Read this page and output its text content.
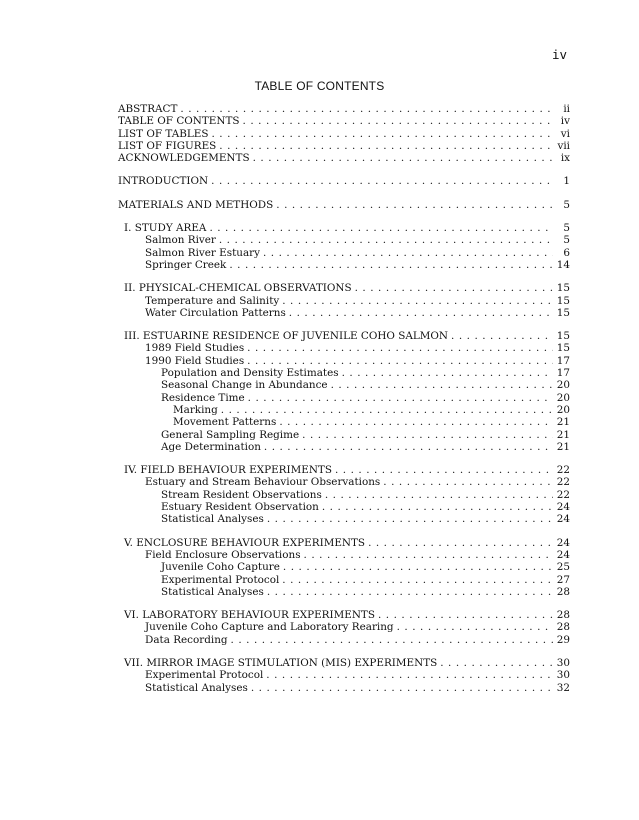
iv
TABLE OF CONTENTS
ABSTRACT . . .	ii
TABLE OF CONTENTS . . .	iv
LIST OF TABLES . . .	vi
LIST OF FIGURES . . .	vii
ACKNOWLEDGEMENTS . . .	ix
INTRODUCTION . . .	1
MATERIALS AND METHODS . . .	5
I. STUDY AREA . . .	5
Salmon River . . .	5
Salmon River Estuary . . .	6
Springer Creek . . .	14
II. PHYSICAL-CHEMICAL OBSERVATIONS . . .	15
Temperature and Salinity . . .	15
Water Circulation Patterns . . .	15
III. ESTUARINE RESIDENCE OF JUVENILE COHO SALMON . . .	15
1989 Field Studies . . .	15
1990 Field Studies . . .	17
Population and Density Estimates . . .	17
Seasonal Change in Abundance . . .	20
Residence Time . . .	20
Marking . . .	20
Movement Patterns . . .	21
General Sampling Regime . . .	21
Age Determination . . .	21
IV. FIELD BEHAVIOUR EXPERIMENTS . . .	22
Estuary and Stream Behaviour Observations . . .	22
Stream Resident Observations . . .	22
Estuary Resident Observation . . .	24
Statistical Analyses . . .	24
V. ENCLOSURE BEHAVIOUR EXPERIMENTS . . .	24
Field Enclosure Observations . . .	24
Juvenile Coho Capture . . .	25
Experimental Protocol . . .	27
Statistical Analyses . . .	28
VI. LABORATORY BEHAVIOUR EXPERIMENTS . . .	28
Juvenile Coho Capture and Laboratory Rearing . . .	28
Data Recording . . .	29
VII. MIRROR IMAGE STIMULATION (MIS) EXPERIMENTS . . .	30
Experimental Protocol . . .	30
Statistical Analyses . . .	32
